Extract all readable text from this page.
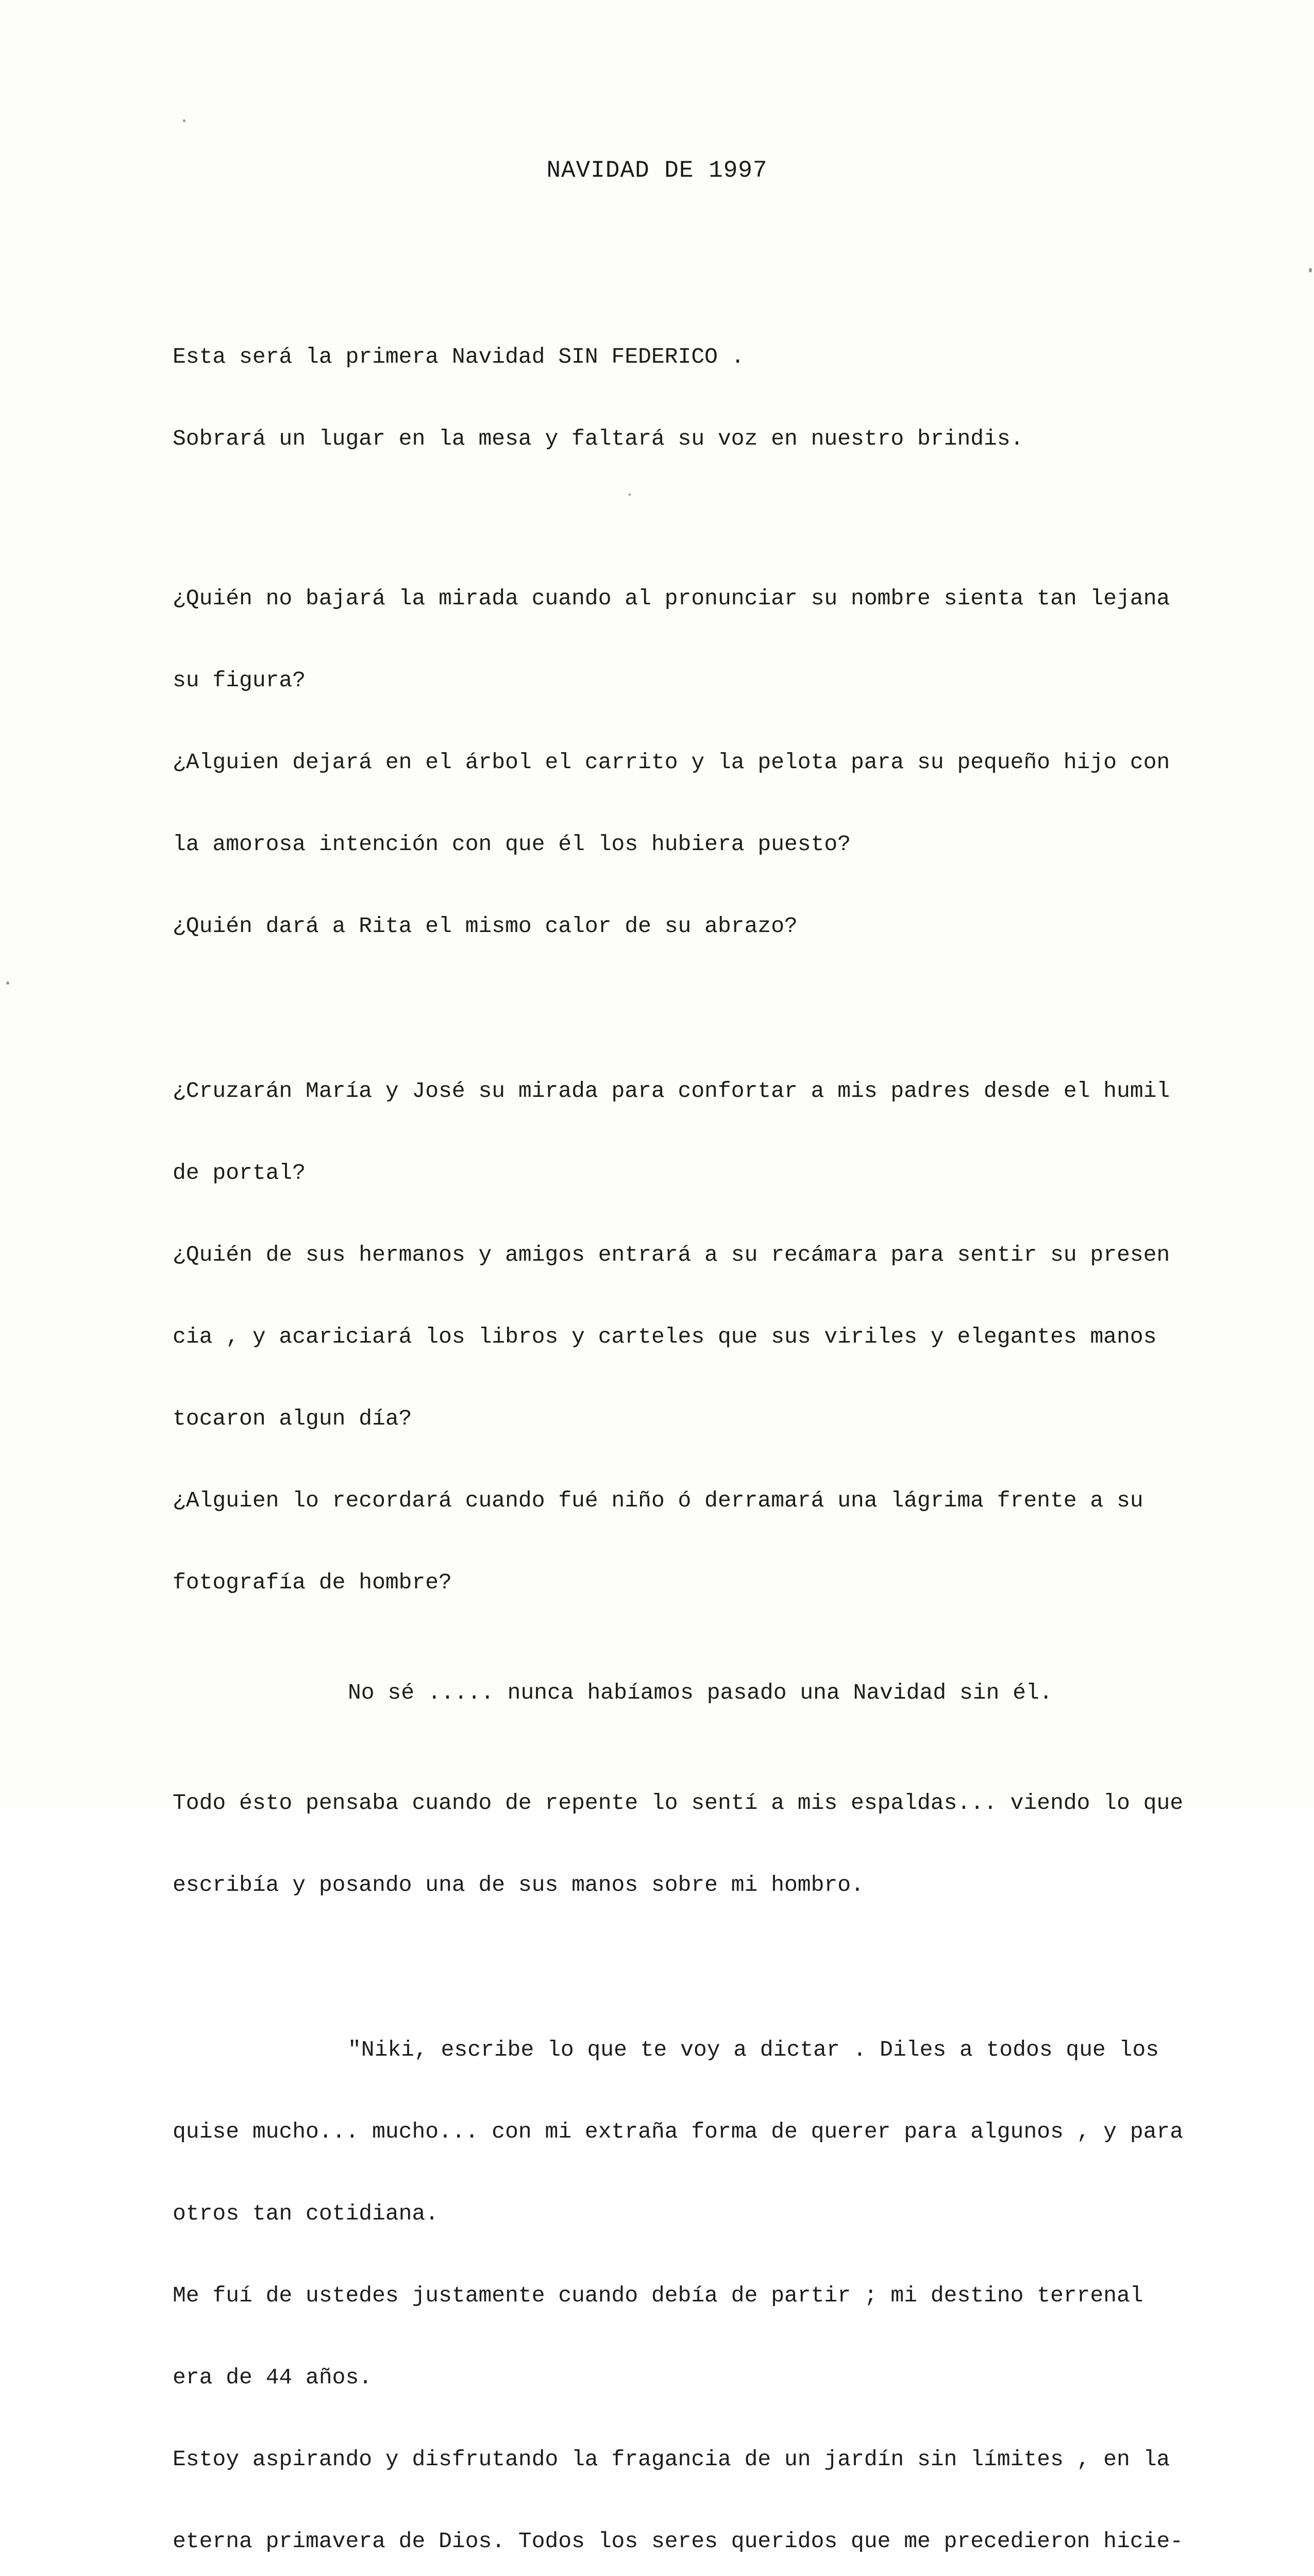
NAVIDAD DE 1997

Esta será la primera Navidad SIN FEDERICO .

Sobrará un lugar en la mesa y faltará su voz en nuestro brindis.

¿Quién no bajará la mirada cuando al pronunciar su nombre sienta tan lejana

su figura?

¿Alguien dejará en el árbol el carrito y la pelota para su pequeño hijo con

la amorosa intención con que él los hubiera puesto?

¿Quién dará a Rita el mismo calor de su abrazo?

¿Cruzarán María y José su mirada para confortar a mis padres desde el humil

de portal?

¿Quién de sus hermanos y amigos entrará a su recámara para sentir su presen

cia , y acariciará los libros y carteles que sus viriles y elegantes manos

tocaron algun día?

¿Alguien lo recordará cuando fué niño ó derramará una lágrima frente a su

fotografía de hombre?

No sé ..... nunca habíamos pasado una Navidad sin él.

Todo ésto pensaba cuando de repente lo sentí a mis espaldas... viendo lo que

escribía y posando una de sus manos sobre mi hombro.

"Niki, escribe lo que te voy a dictar . Diles a todos que los

quise mucho... mucho... con mi extraña forma de querer para algunos , y para

otros tan cotidiana.

Me fuí de ustedes justamente cuando debía de partir ; mi destino terrenal

era de 44 años.

Estoy aspirando y disfrutando la fragancia de un jardín sin límites , en la

eterna primavera de Dios. Todos los seres queridos que me precedieron hicie-
